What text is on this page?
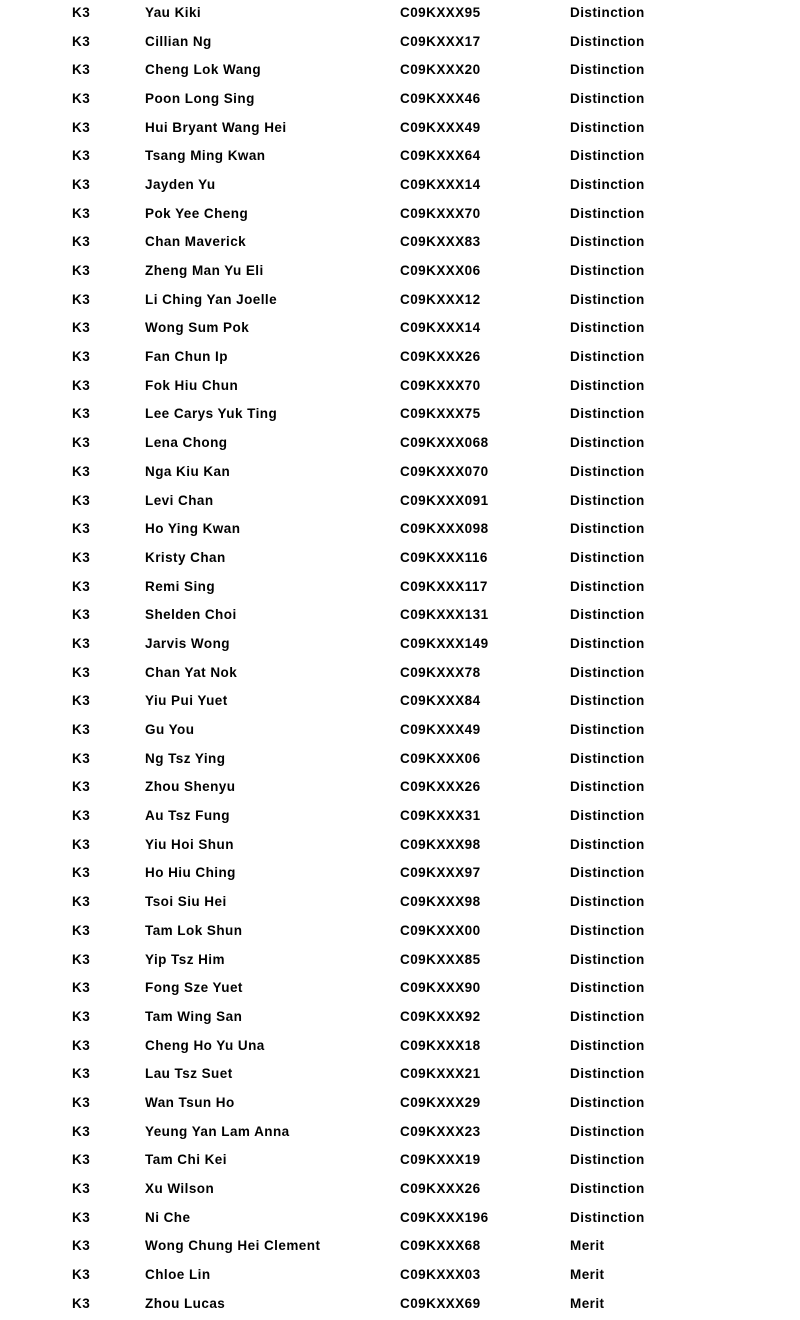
K3	Yau Kiki	C09KXXX95	Distinction
K3	Cillian Ng	C09KXXX17	Distinction
K3	Cheng Lok Wang	C09KXXX20	Distinction
K3	Poon Long Sing	C09KXXX46	Distinction
K3	Hui Bryant Wang Hei	C09KXXX49	Distinction
K3	Tsang Ming Kwan	C09KXXX64	Distinction
K3	Jayden Yu	C09KXXX14	Distinction
K3	Pok Yee Cheng	C09KXXX70	Distinction
K3	Chan Maverick	C09KXXX83	Distinction
K3	Zheng Man Yu Eli	C09KXXX06	Distinction
K3	Li Ching Yan Joelle	C09KXXX12	Distinction
K3	Wong Sum Pok	C09KXXX14	Distinction
K3	Fan Chun Ip	C09KXXX26	Distinction
K3	Fok Hiu Chun	C09KXXX70	Distinction
K3	Lee Carys Yuk Ting	C09KXXX75	Distinction
K3	Lena Chong	C09KXXX068	Distinction
K3	Nga Kiu Kan	C09KXXX070	Distinction
K3	Levi Chan	C09KXXX091	Distinction
K3	Ho Ying Kwan	C09KXXX098	Distinction
K3	Kristy Chan	C09KXXX116	Distinction
K3	Remi Sing	C09KXXX117	Distinction
K3	Shelden Choi	C09KXXX131	Distinction
K3	Jarvis Wong	C09KXXX149	Distinction
K3	Chan Yat Nok	C09KXXX78	Distinction
K3	Yiu Pui Yuet	C09KXXX84	Distinction
K3	Gu You	C09KXXX49	Distinction
K3	Ng Tsz Ying	C09KXXX06	Distinction
K3	Zhou Shenyu	C09KXXX26	Distinction
K3	Au Tsz Fung	C09KXXX31	Distinction
K3	Yiu Hoi Shun	C09KXXX98	Distinction
K3	Ho Hiu Ching	C09KXXX97	Distinction
K3	Tsoi Siu Hei	C09KXXX98	Distinction
K3	Tam Lok Shun	C09KXXX00	Distinction
K3	Yip Tsz Him	C09KXXX85	Distinction
K3	Fong Sze Yuet	C09KXXX90	Distinction
K3	Tam Wing San	C09KXXX92	Distinction
K3	Cheng Ho Yu Una	C09KXXX18	Distinction
K3	Lau Tsz Suet	C09KXXX21	Distinction
K3	Wan Tsun Ho	C09KXXX29	Distinction
K3	Yeung Yan Lam Anna	C09KXXX23	Distinction
K3	Tam Chi Kei	C09KXXX19	Distinction
K3	Xu Wilson	C09KXXX26	Distinction
K3	Ni Che	C09KXXX196	Distinction
K3	Wong Chung Hei Clement	C09KXXX68	Merit
K3	Chloe Lin	C09KXXX03	Merit
K3	Zhou Lucas	C09KXXX69	Merit
